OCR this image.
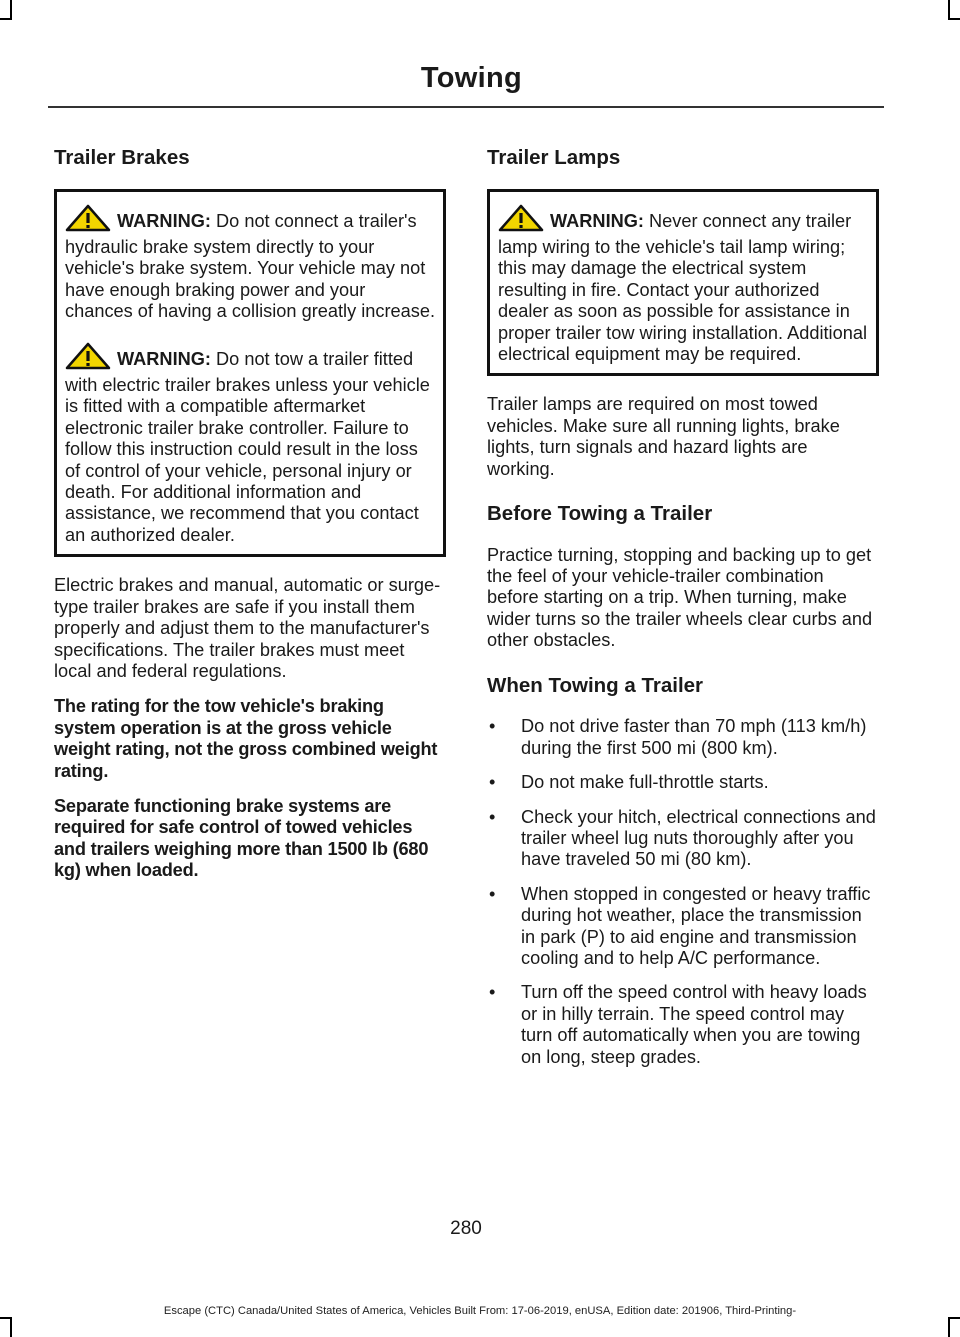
Towing
Trailer Brakes

WARNING: Do not connect a trailer's hydraulic brake system directly to your vehicle's brake system. Your vehicle may not have enough braking power and your chances of having a collision greatly increase.

WARNING: Do not tow a trailer fitted with electric trailer brakes unless your vehicle is fitted with a compatible aftermarket electronic trailer brake controller. Failure to follow this instruction could result in the loss of control of your vehicle, personal injury or death. For additional information and assistance, we recommend that you contact an authorized dealer.

Electric brakes and manual, automatic or surge-type trailer brakes are safe if you install them properly and adjust them to the manufacturer's specifications. The trailer brakes must meet local and federal regulations.

The rating for the tow vehicle's braking system operation is at the gross vehicle weight rating, not the gross combined weight rating.

Separate functioning brake systems are required for safe control of towed vehicles and trailers weighing more than 1500 lb (680 kg) when loaded.

Trailer Lamps

WARNING: Never connect any trailer lamp wiring to the vehicle's tail lamp wiring; this may damage the electrical system resulting in fire. Contact your authorized dealer as soon as possible for assistance in proper trailer tow wiring installation. Additional electrical equipment may be required.

Trailer lamps are required on most towed vehicles. Make sure all running lights, brake lights, turn signals and hazard lights are working.

Before Towing a Trailer

Practice turning, stopping and backing up to get the feel of your vehicle-trailer combination before starting on a trip. When turning, make wider turns so the trailer wheels clear curbs and other obstacles.

When Towing a Trailer
• Do not drive faster than 70 mph (113 km/h) during the first 500 mi (800 km).
• Do not make full-throttle starts.
• Check your hitch, electrical connections and trailer wheel lug nuts thoroughly after you have traveled 50 mi (80 km).
• When stopped in congested or heavy traffic during hot weather, place the transmission in park (P) to aid engine and transmission cooling and to help A/C performance.
• Turn off the speed control with heavy loads or in hilly terrain. The speed control may turn off automatically when you are towing on long, steep grades.
280
Escape (CTC) Canada/United States of America, Vehicles Built From: 17-06-2019, enUSA, Edition date: 201906, Third-Printing-
